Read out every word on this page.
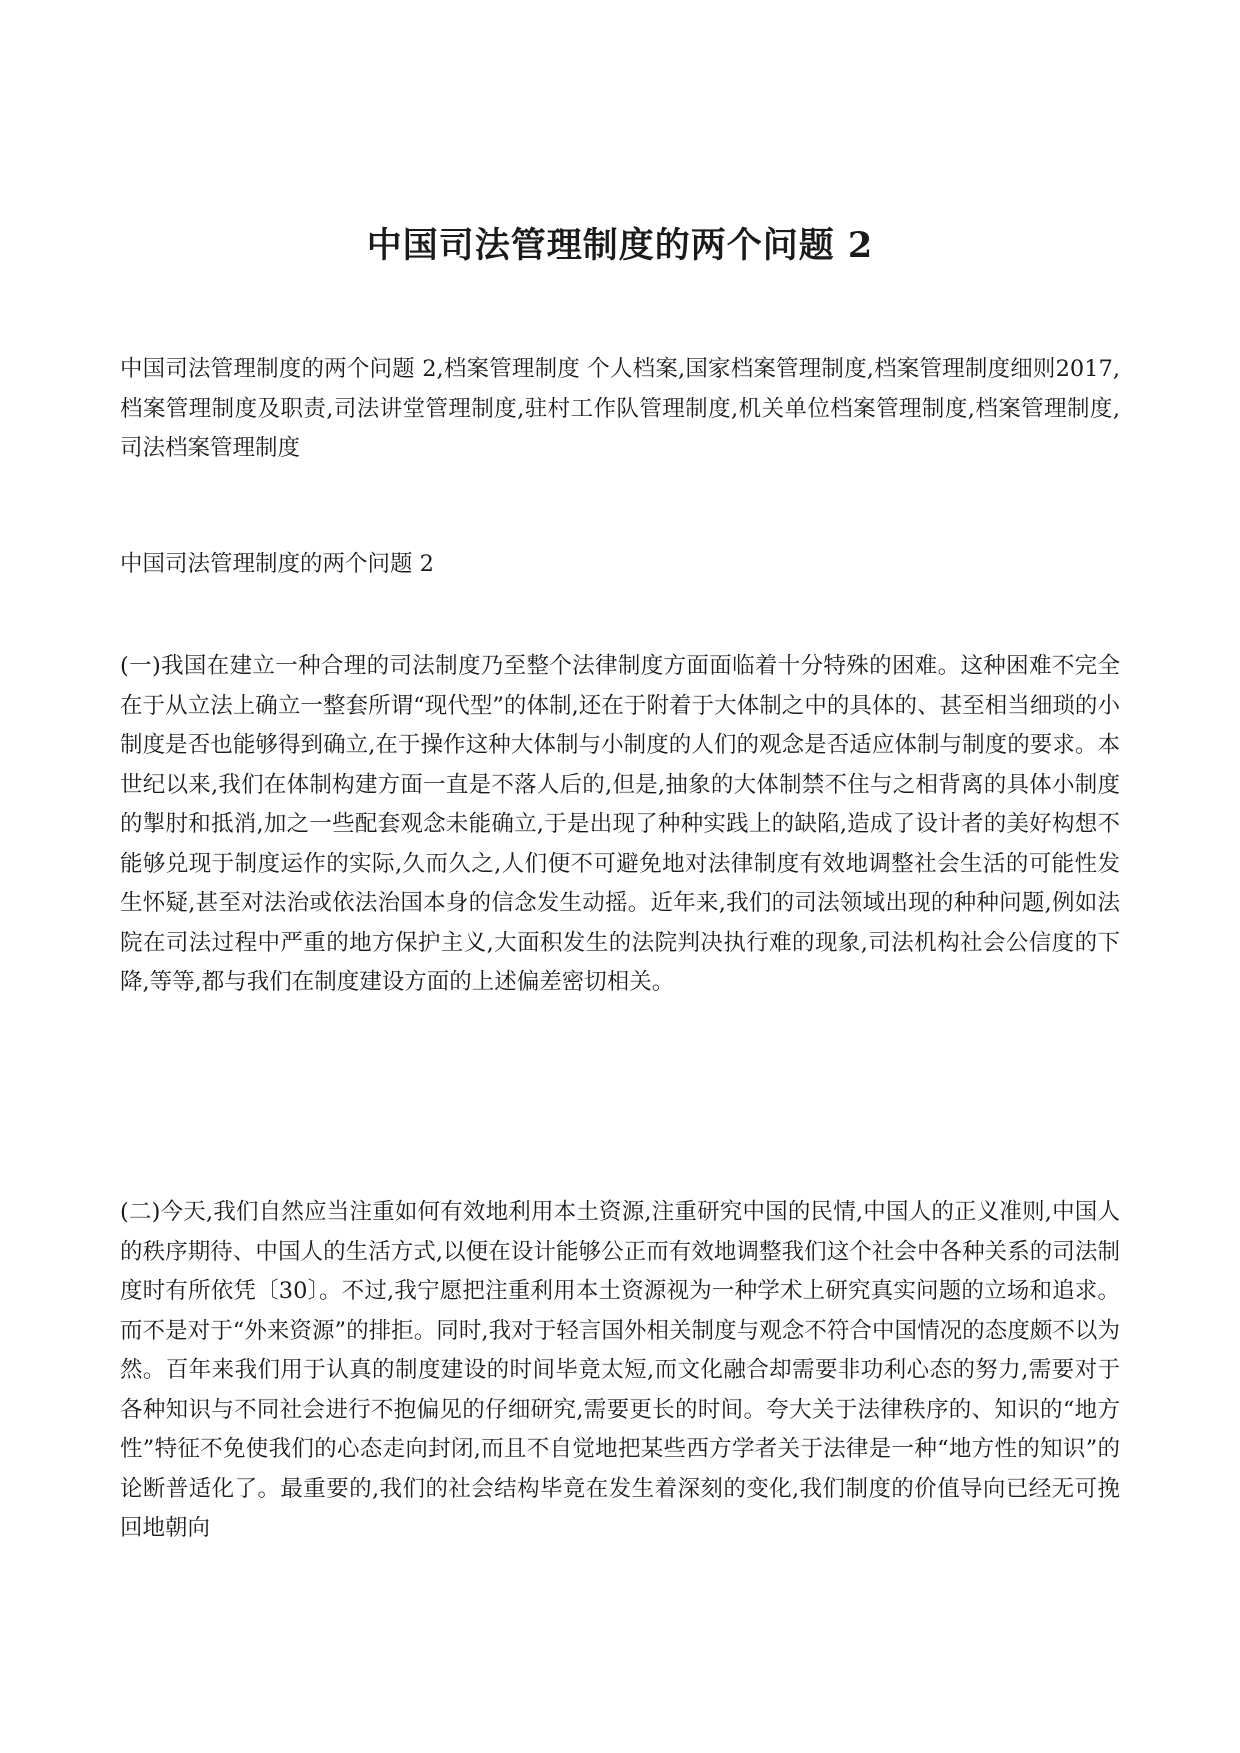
中国司法管理制度的两个问题 2

中国司法管理制度的两个问题 2,档案管理制度 个人档案,国家档案管理制度,档案管理制度细则2017,档案管理制度及职责,司法讲堂管理制度,驻村工作队管理制度,机关单位档案管理制度,档案管理制度,司法档案管理制度

中国司法管理制度的两个问题 2

(一)我国在建立一种合理的司法制度乃至整个法律制度方面面临着十分特殊的困难。这种困难不完全在于从立法上确立一整套所谓“现代型”的体制,还在于附着于大体制之中的具体的、甚至相当细琐的小制度是否也能够得到确立,在于操作这种大体制与小制度的人们的观念是否适应体制与制度的要求。本世纪以来,我们在体制构建方面一直是不落人后的,但是,抽象的大体制禁不住与之相背离的具体小制度的掣肘和抵消,加之一些配套观念未能确立,于是出现了种种实践上的缺陷,造成了设计者的美好构想不能够兑现于制度运作的实际,久而久之,人们便不可避免地对法律制度有效地调整社会生活的可能性发生怀疑,甚至对法治或依法治国本身的信念发生动摇。近年来,我们的司法领域出现的种种问题,例如法院在司法过程中严重的地方保护主义,大面积发生的法院判决执行难的现象,司法机构社会公信度的下降,等等,都与我们在制度建设方面的上述偏差密切相关。

(二)今天,我们自然应当注重如何有效地利用本土资源,注重研究中国的民情,中国人的正义准则,中国人的秩序期待、中国人的生活方式,以便在设计能够公正而有效地调整我们这个社会中各种关系的司法制度时有所依凭〔30〕。不过,我宁愿把注重利用本土资源视为一种学术上研究真实问题的立场和追求。而不是对于“外来资源”的排拒。同时,我对于轻言国外相关制度与观念不符合中国情况的态度颇不以为然。百年来我们用于认真的制度建设的时间毕竟太短,而文化融合却需要非功利心态的努力,需要对于各种知识与不同社会进行不抱偏见的仔细研究,需要更长的时间。夸大关于法律秩序的、知识的“地方性”特征不免使我们的心态走向封闭,而且不自觉地把某些西方学者关于法律是一种“地方性的知识”的论断普适化了。最重要的,我们的社会结构毕竟在发生着深刻的变化,我们制度的价值导向已经无可挽回地朝向
